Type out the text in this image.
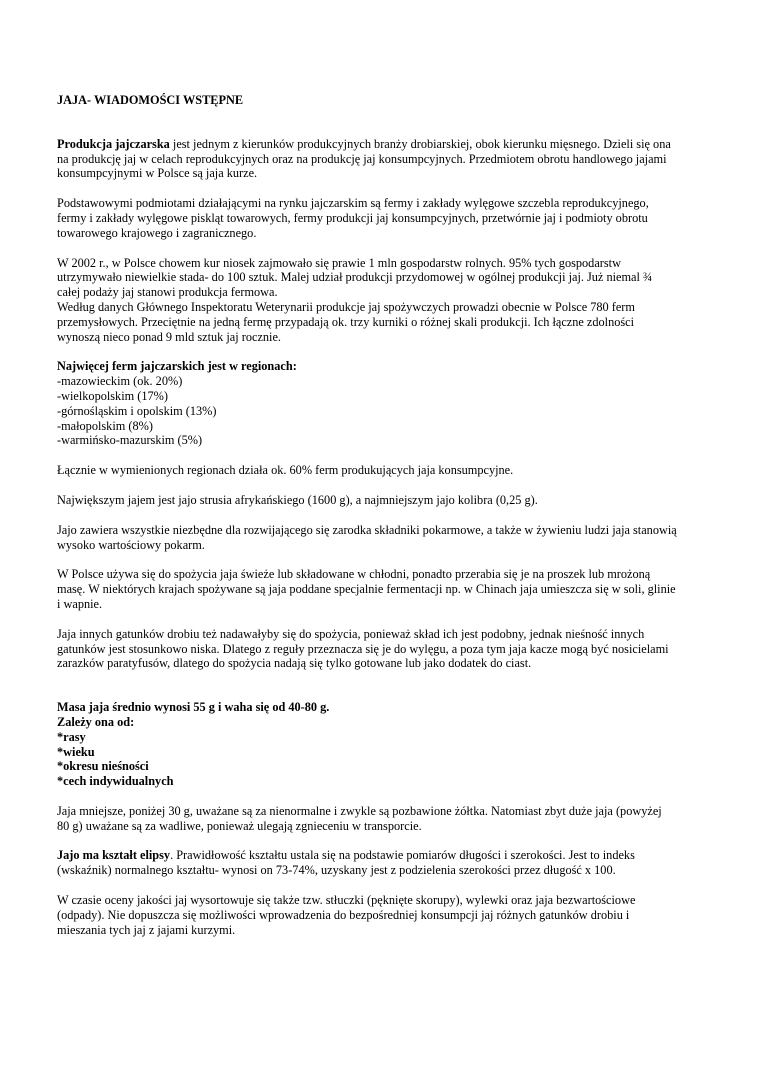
JAJA- WIADOMOŚCI WSTĘPNE

Produkcja jajczarska jest jednym z kierunków produkcyjnych branży drobiarskiej, obok kierunku mięsnego. Dzieli się ona na produkcję jaj w celach reprodukcyjnych oraz na produkcję jaj konsumpcyjnych. Przedmiotem obrotu handlowego jajami konsumpcyjnymi w Polsce są jaja kurze.

Podstawowymi podmiotami działającymi na rynku jajczarskim są fermy i zakłady wylęgowe szczebla reprodukcyjnego, fermy i zakłady wylęgowe piskląt towarowych, fermy produkcji jaj konsumpcyjnych, przetwórnie jaj i podmioty obrotu towarowego krajowego i zagranicznego.

W 2002 r., w Polsce chowem kur niosek zajmowało się prawie 1 mln gospodarstw rolnych. 95% tych gospodarstw utrzymywało niewielkie stada- do 100 sztuk. Malej udział produkcji przydomowej w ogólnej produkcji jaj. Już niemal ¾ całej podaży jaj stanowi produkcja fermowa.

Według danych Głównego Inspektoratu Weterynarii produkcje jaj spożywczych prowadzi obecnie w Polsce 780 ferm przemysłowych. Przeciętnie na jedną fermę przypadają ok. trzy kurniki o różnej skali produkcji. Ich łączne zdolności wynoszą nieco ponad 9 mld sztuk jaj rocznie.

Najwięcej ferm jajczarskich jest w regionach:

-mazowieckim (ok. 20%)

-wielkopolskim (17%)

-górnośląskim i opolskim (13%)

-małopolskim (8%)

-warmińsko-mazurskim (5%)

Łącznie w wymienionych regionach działa ok. 60% ferm produkujących jaja konsumpcyjne.

Największym jajem jest jajo strusia afrykańskiego (1600 g), a najmniejszym jajo kolibra (0,25 g).

Jajo zawiera wszystkie niezbędne dla rozwijającego się zarodka składniki pokarmowe, a także w żywieniu ludzi jaja stanowią wysoko wartościowy pokarm.

W Polsce używa się do spożycia jaja świeże lub składowane w chłodni, ponadto przerabia się je na proszek lub mrożoną masę. W niektórych krajach spożywane są jaja poddane specjalnie fermentacji np. w Chinach jaja umieszcza się w soli, glinie i wapnie.

Jaja innych gatunków drobiu też nadawałyby się do spożycia, ponieważ skład ich jest podobny, jednak nieśność innych gatunków jest stosunkowo niska. Dlatego z reguły przeznacza się je do wylęgu, a poza tym jaja kacze mogą być nosicielami zarazków paratyfusów, dlatego do spożycia nadają się tylko gotowane lub jako dodatek do ciast.

Masa jaja średnio wynosi 55 g i waha się od 40-80 g.

Zależy ona od:

*rasy

*wieku

*okresu nieśności

*cech indywidualnych

Jaja mniejsze, poniżej 30 g, uważane są za nienormalne i zwykle są pozbawione żółtka. Natomiast zbyt duże jaja (powyżej 80 g) uważane są za wadliwe, ponieważ ulegają zgnieceniu w transporcie.

Jajo ma kształt elipsy. Prawidłowość kształtu ustala się na podstawie pomiarów długości i szerokości. Jest to indeks (wskaźnik) normalnego kształtu- wynosi on 73-74%, uzyskany jest z podzielenia szerokości przez długość x 100.

W czasie oceny jakości jaj wysortowuje się także tzw. stłuczki (pęknięte skorupy), wylewki oraz jaja bezwartościowe (odpady). Nie dopuszcza się możliwości wprowadzenia do bezpośredniej konsumpcji jaj różnych gatunków drobiu i mieszania tych jaj z jajami kurzymi.
